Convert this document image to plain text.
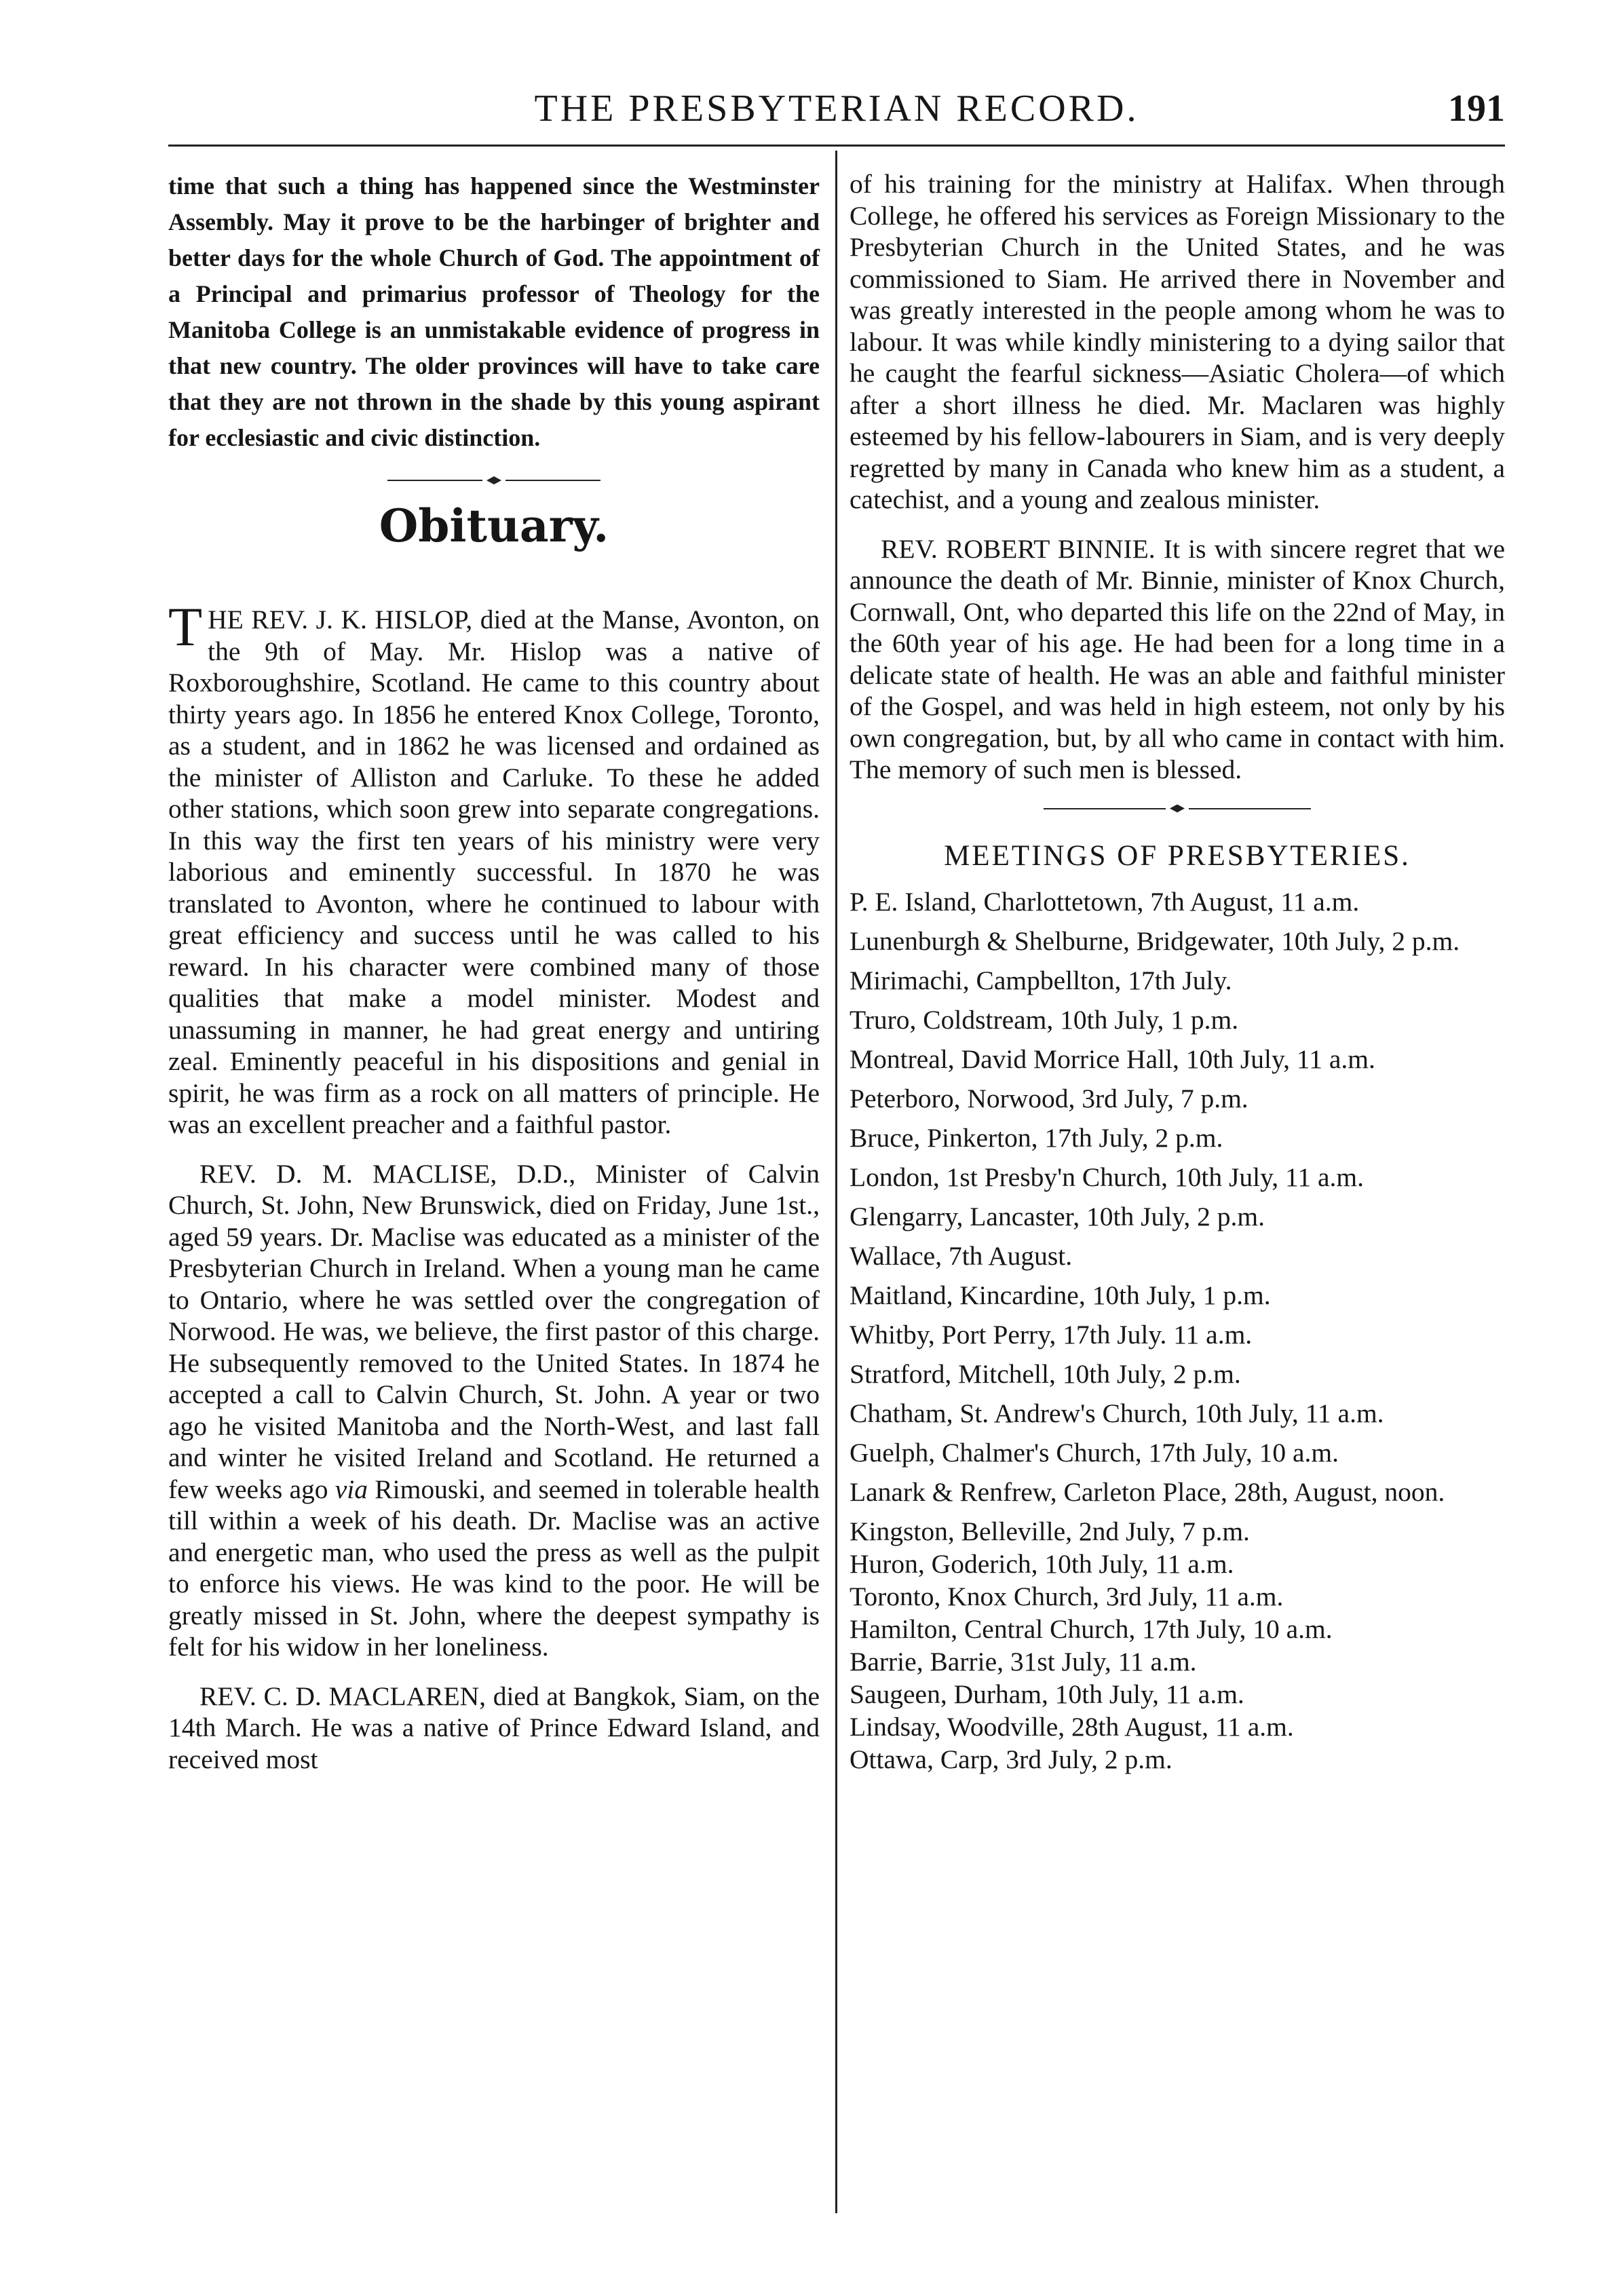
THE PRESBYTERIAN RECORD.	191

time that such a thing has happened since the Westminster Assembly. May it prove to be the harbinger of brighter and better days for the whole Church of God. The appointment of a Principal and primarius professor of Theology for the Manitoba College is an unmistakable evidence of progress in that new country. The older provinces will have to take care that they are not thrown in the shade by this young aspirant for ecclesiastic and civic distinction.

Obituary.

THE REV. J. K. HISLOP, died at the Manse, Avonton, on the 9th of May. Mr. Hislop was a native of Roxboroughshire, Scotland. He came to this country about thirty years ago. In 1856 he entered Knox College, Toronto, as a student, and in 1862 he was licensed and ordained as the minister of Alliston and Carluke. To these he added other stations, which soon grew into separate congregations. In this way the first ten years of his ministry were very laborious and eminently successful. In 1870 he was translated to Avonton, where he continued to labour with great efficiency and success until he was called to his reward. In his character were combined many of those qualities that make a model minister. Modest and unassuming in manner, he had great energy and untiring zeal. Eminently peaceful in his dispositions and genial in spirit, he was firm as a rock on all matters of principle. He was an excellent preacher and a faithful pastor.

REV. D. M. MACLISE, D.D., Minister of Calvin Church, St. John, New Brunswick, died on Friday, June 1st., aged 59 years. Dr. Maclise was educated as a minister of the Presbyterian Church in Ireland. When a young man he came to Ontario, where he was settled over the congregation of Norwood. He was, we believe, the first pastor of this charge. He subsequently removed to the United States. In 1874 he accepted a call to Calvin Church, St. John. A year or two ago he visited Manitoba and the North-West, and last fall and winter he visited Ireland and Scotland. He returned a few weeks ago via Rimouski, and seemed in tolerable health till within a week of his death. Dr. Maclise was an active and energetic man, who used the press as well as the pulpit to enforce his views. He was kind to the poor. He will be greatly missed in St. John, where the deepest sympathy is felt for his widow in her loneliness.

REV. C. D. MACLAREN, died at Bangkok, Siam, on the 14th March. He was a native of Prince Edward Island, and received most

of his training for the ministry at Halifax. When through College, he offered his services as Foreign Missionary to the Presbyterian Church in the United States, and he was commissioned to Siam. He arrived there in November and was greatly interested in the people among whom he was to labour. It was while kindly ministering to a dying sailor that he caught the fearful sickness—Asiatic Cholera—of which after a short illness he died. Mr. Maclaren was highly esteemed by his fellow-labourers in Siam, and is very deeply regretted by many in Canada who knew him as a student, a catechist, and a young and zealous minister.

REV. ROBERT BINNIE. It is with sincere regret that we announce the death of Mr. Binnie, minister of Knox Church, Cornwall, Ont, who departed this life on the 22nd of May, in the 60th year of his age. He had been for a long time in a delicate state of health. He was an able and faithful minister of the Gospel, and was held in high esteem, not only by his own congregation, but, by all who came in contact with him. The memory of such men is blessed.

MEETINGS OF PRESBYTERIES.

P. E. Island, Charlottetown, 7th August, 11 a.m.

Lunenburgh & Shelburne, Bridgewater, 10th July, 2 p.m.

Mirimachi, Campbellton, 17th July.

Truro, Coldstream, 10th July, 1 p.m.

Montreal, David Morrice Hall, 10th July, 11 a.m.

Peterboro, Norwood, 3rd July, 7 p.m.

Bruce, Pinkerton, 17th July, 2 p.m.

London, 1st Presby'n Church, 10th July, 11 a.m.

Glengarry, Lancaster, 10th July, 2 p.m.

Wallace, 7th August.

Maitland, Kincardine, 10th July, 1 p.m.

Whitby, Port Perry, 17th July. 11 a.m.

Stratford, Mitchell, 10th July, 2 p.m.

Chatham, St. Andrew's Church, 10th July, 11 a.m.

Guelph, Chalmer's Church, 17th July, 10 a.m.

Lanark & Renfrew, Carleton Place, 28th, August, noon.

Kingston, Belleville, 2nd July, 7 p.m.

Huron, Goderich, 10th July, 11 a.m.

Toronto, Knox Church, 3rd July, 11 a.m.

Hamilton, Central Church, 17th July, 10 a.m.

Barrie, Barrie, 31st July, 11 a.m.

Saugeen, Durham, 10th July, 11 a.m.

Lindsay, Woodville, 28th August, 11 a.m.

Ottawa, Carp, 3rd July, 2 p.m.
